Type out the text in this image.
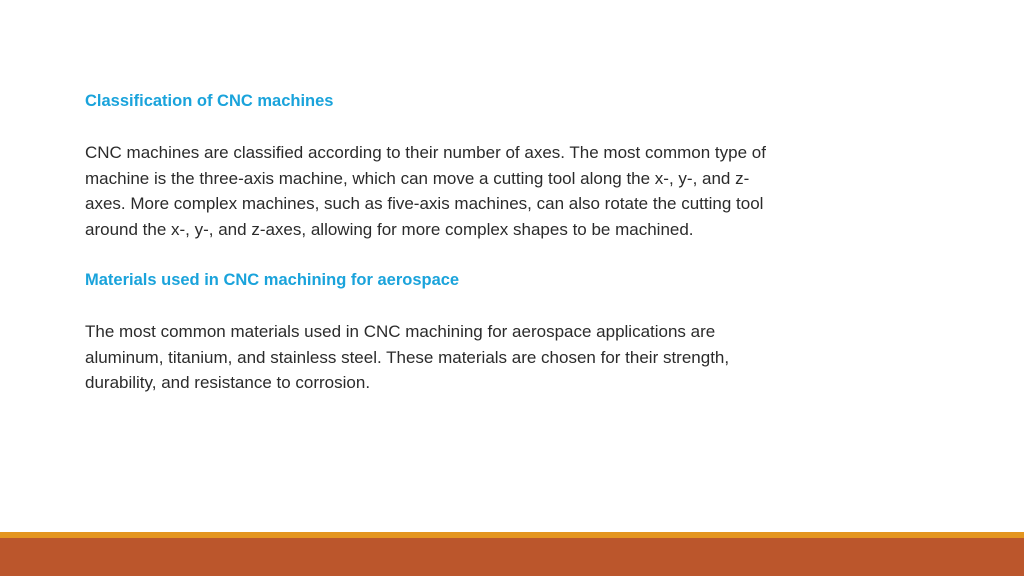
Classification of CNC machines

CNC machines are classified according to their number of axes. The most common type of

machine is the three-axis machine, which can move a cutting tool along the x-, y-, and z-

axes. More complex machines, such as five-axis machines, can also rotate the cutting tool

around the x-, y-, and z-axes, allowing for more complex shapes to be machined.

Materials used in CNC machining for aerospace

The most common materials used in CNC machining for aerospace applications are

aluminum, titanium, and stainless steel. These materials are chosen for their strength,

durability, and resistance to corrosion.
